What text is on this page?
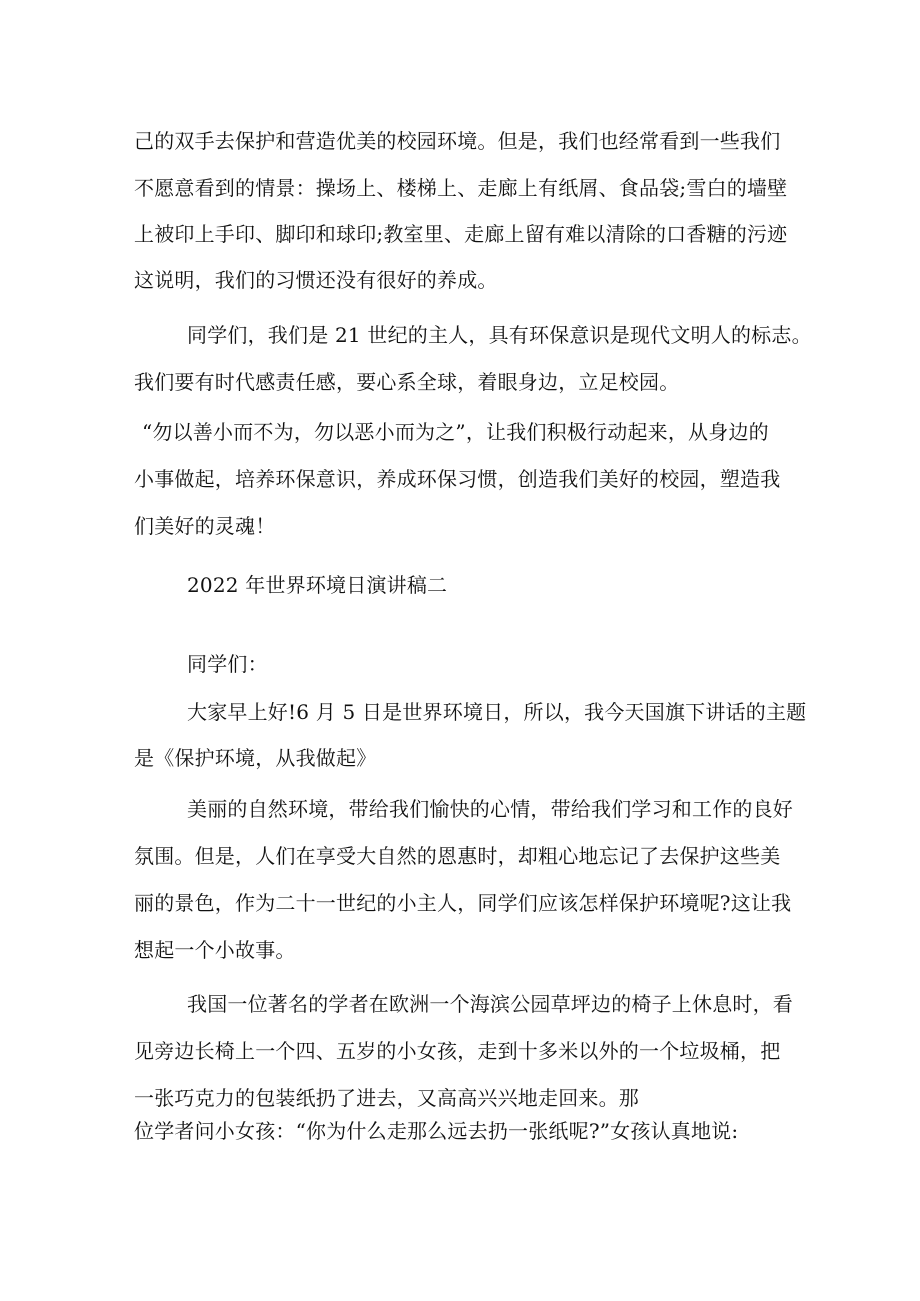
己的双手去保护和营造优美的校园环境。但是，我们也经常看到一些我们
不愿意看到的情景：操场上、楼梯上、走廊上有纸屑、食品袋;雪白的墙壁
上被印上手印、脚印和球印;教室里、走廊上留有难以清除的口香糖的污迹
这说明，我们的习惯还没有很好的养成。
同学们，我们是 21 世纪的主人，具有环保意识是现代文明人的标志。
我们要有时代感责任感，要心系全球，着眼身边，立足校园。
“勿以善小而不为，勿以恶小而为之”，让我们积极行动起来，从身边的
小事做起，培养环保意识，养成环保习惯，创造我们美好的校园，塑造我
们美好的灵魂！
2022 年世界环境日演讲稿二
同学们：
大家早上好!6 月 5 日是世界环境日，所以，我今天国旗下讲话的主题
是《保护环境，从我做起》
美丽的自然环境，带给我们愉快的心情，带给我们学习和工作的良好
氛围。但是，人们在享受大自然的恩惠时，却粗心地忘记了去保护这些美
丽的景色，作为二十一世纪的小主人，同学们应该怎样保护环境呢?这让我
想起一个小故事。
我国一位著名的学者在欧洲一个海滨公园草坪边的椅子上休息时，看
见旁边长椅上一个四、五岁的小女孩，走到十多米以外的一个垃圾桶，把
一张巧克力的包装纸扔了进去，又高高兴兴地走回来。那
位学者问小女孩：“你为什么走那么远去扔一张纸呢?”女孩认真地说:
